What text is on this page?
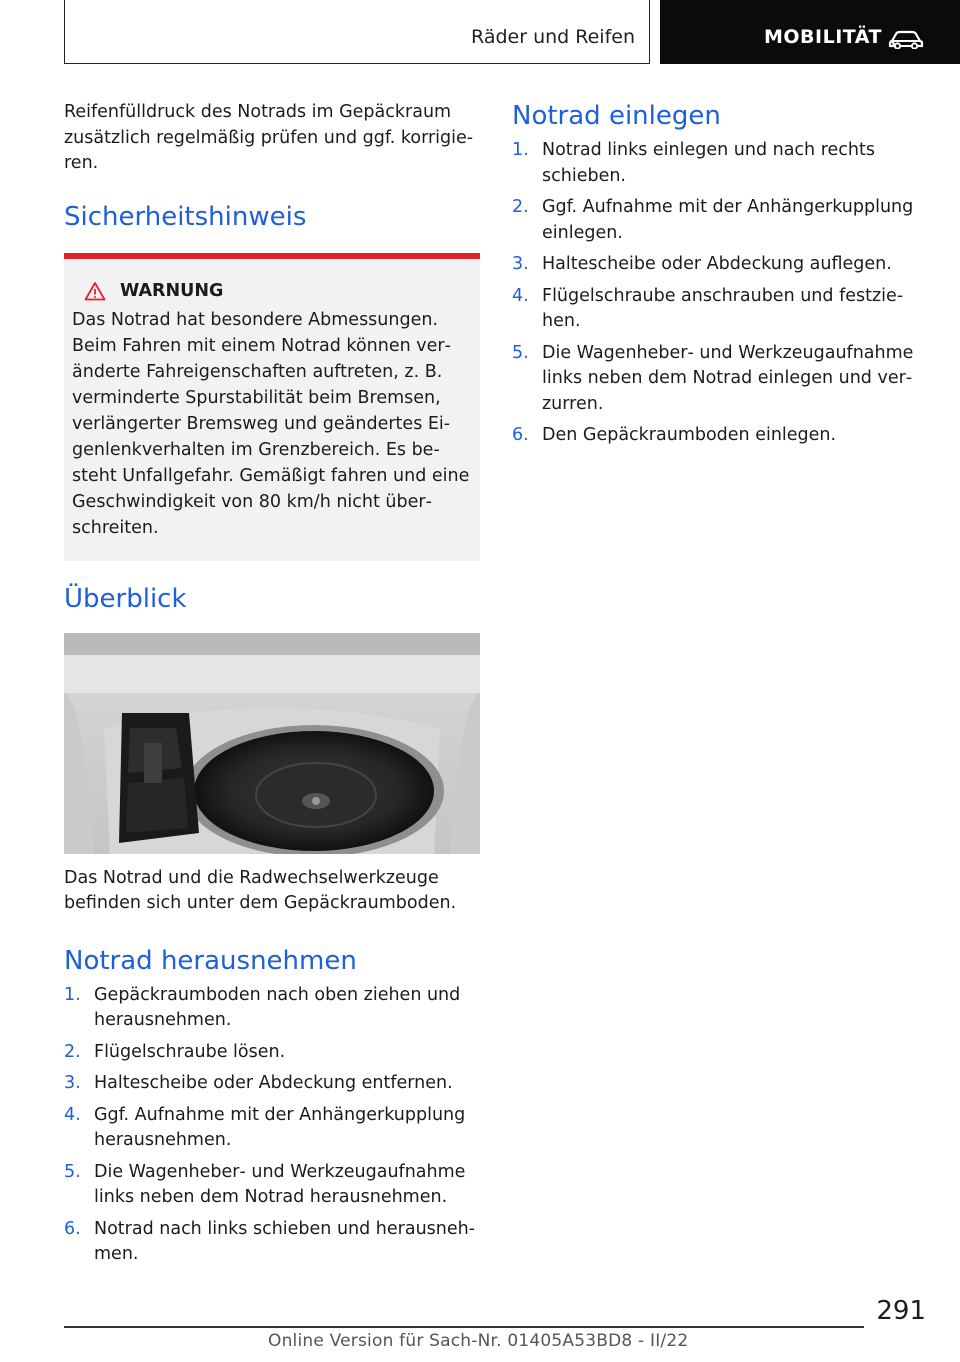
Räder und Reifen	MOBILITÄT

Reifenfülldruck des Notrads im Gepäckraum zusätzlich regelmäßig prüfen und ggf. korrigieren.

Sicherheitshinweis
WARNUNG

Das Notrad hat besondere Abmessungen. Beim Fahren mit einem Notrad können veränderte Fahreigenschaften auftreten, z. B. verminderte Spurstabilität beim Bremsen, verlängerter Bremsweg und geändertes Eigenlenkverhalten im Grenzbereich. Es besteht Unfallgefahr. Gemäßigt fahren und eine Geschwindigkeit von 80 km/h nicht überschreiten.

Überblick

Das Notrad und die Radwechselwerkzeuge befinden sich unter dem Gepäckraumboden.

Notrad herausnehmen
1. Gepäckraumboden nach oben ziehen und herausnehmen.
2. Flügelschraube lösen.
3. Haltescheibe oder Abdeckung entfernen.
4. Ggf. Aufnahme mit der Anhängerkupplung herausnehmen.
5. Die Wagenheber‐ und Werkzeugaufnahme links neben dem Notrad herausnehmen.
6. Notrad nach links schieben und herausnehmen.
Notrad einlegen
1. Notrad links einlegen und nach rechts schieben.
2. Ggf. Aufnahme mit der Anhängerkupplung einlegen.
3. Haltescheibe oder Abdeckung auflegen.
4. Flügelschraube anschrauben und festziehen.
5. Die Wagenheber‐ und Werkzeugaufnahme links neben dem Notrad einlegen und verzurren.
6. Den Gepäckraumboden einlegen.
291
Online Version für Sach-Nr. 01405A53BD8 - II/22
